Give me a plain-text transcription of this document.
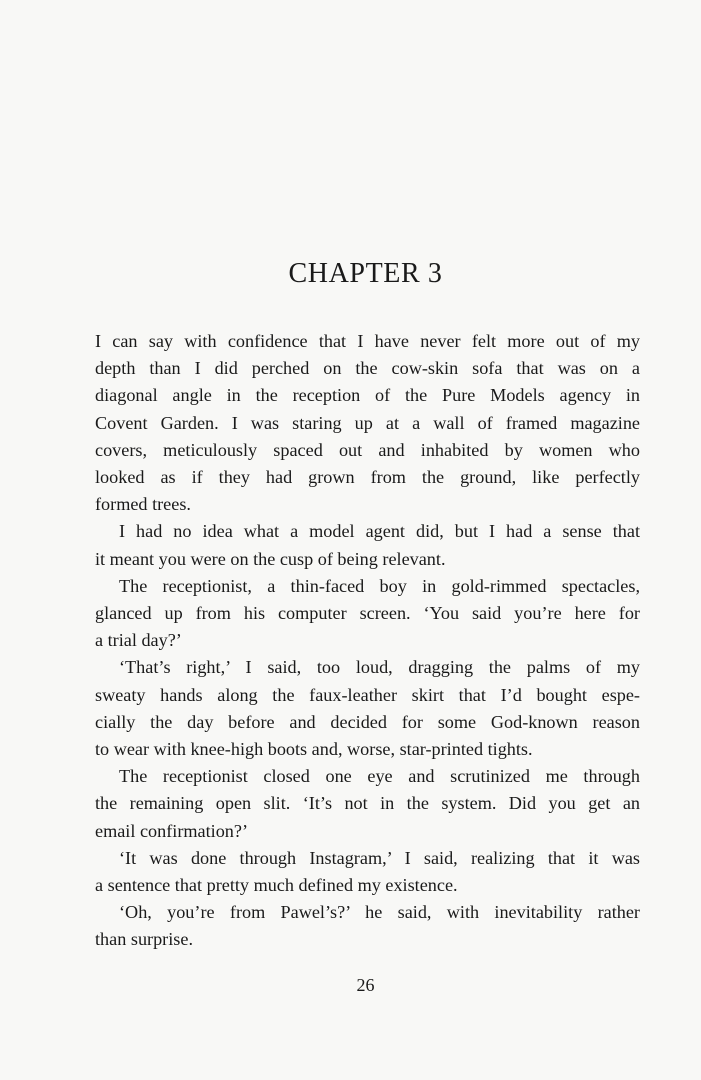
CHAPTER 3
I can say with confidence that I have never felt more out of my
depth than I did perched on the cow-skin sofa that was on a
diagonal angle in the reception of the Pure Models agency in
Covent Garden. I was staring up at a wall of framed magazine
covers, meticulously spaced out and inhabited by women who
looked as if they had grown from the ground, like perfectly
formed trees.
I had no idea what a model agent did, but I had a sense that
it meant you were on the cusp of being relevant.
The receptionist, a thin-faced boy in gold-rimmed spectacles,
glanced up from his computer screen. ‘You said you’re here for
a trial day?’
‘That’s right,’ I said, too loud, dragging the palms of my
sweaty hands along the faux-leather skirt that I’d bought espe-
cially the day before and decided for some God-known reason
to wear with knee-high boots and, worse, star-printed tights.
The receptionist closed one eye and scrutinized me through
the remaining open slit. ‘It’s not in the system. Did you get an
email confirmation?’
‘It was done through Instagram,’ I said, realizing that it was
a sentence that pretty much defined my existence.
‘Oh, you’re from Pawel’s?’ he said, with inevitability rather
than surprise.
26
